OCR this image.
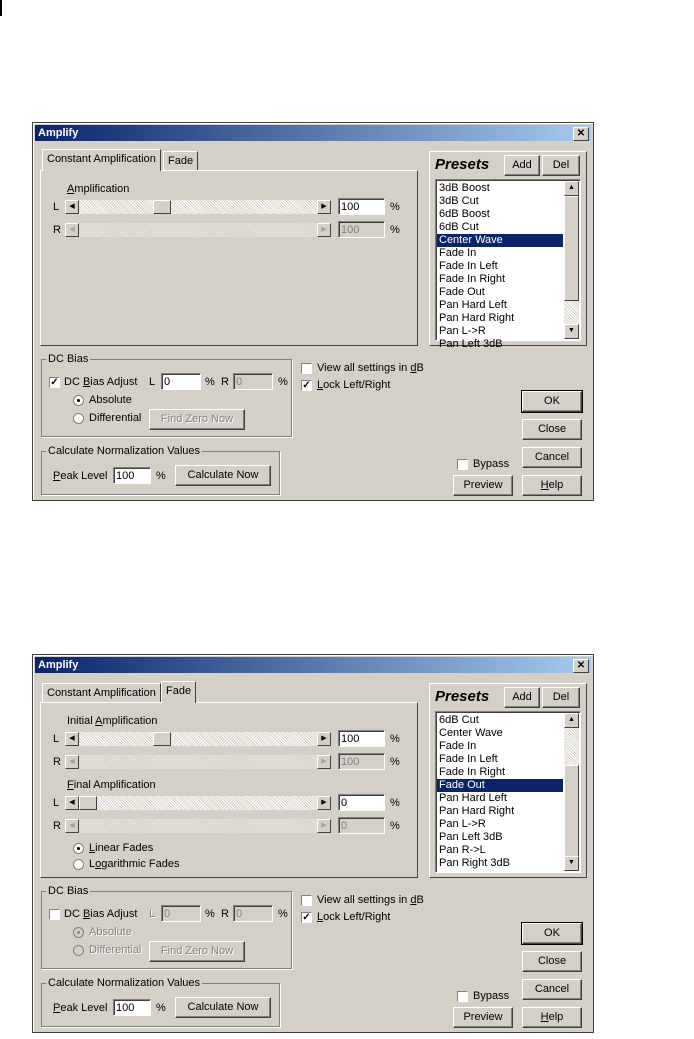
Amplify	✕
Constant Amplification	Fade
Amplification
L	◀	▶	100	%
R	◀	▶	100	%
Presets	Add	Del
3dB Boost
3dB Cut
6dB Boost
6dB Cut
Center Wave
Fade In
Fade In Left
Fade In Right
Fade Out
Pan Hard Left
Pan Hard Right
Pan L->R
Pan Left 3dB
▲
▼
DC Bias
✓ DC Bias Adjust L 0	% R 0	%
Absolute
Differential	Find Zero Now
View all settings in dB
✓ Lock Left/Right
Calculate Normalization Values
Peak Level 100	%	Calculate Now
OK
Close
Cancel
Bypass
Preview	Help
Amplify	✕
Constant Amplification Fade
Initial Amplification
L	◀	▶	100	%
R	◀	▶	100	%
Final Amplification
L	◀	▶	0	%
R	◀	▶	0	%
Linear Fades
Logarithmic Fades
Presets	Add	Del
6dB Cut
Center Wave
Fade In
Fade In Left
Fade In Right
Fade Out
Pan Hard Left
Pan Hard Right
Pan L->R
Pan Left 3dB
Pan R->L
Pan Right 3dB
▲
▼
DC Bias
DC Bias Adjust L 0	% R 0	%
Absolute
Differential	Find Zero Now
View all settings in dB
✓ Lock Left/Right
Calculate Normalization Values
Peak Level 100	%	Calculate Now
OK
Close
Cancel
Bypass
Preview	Help
